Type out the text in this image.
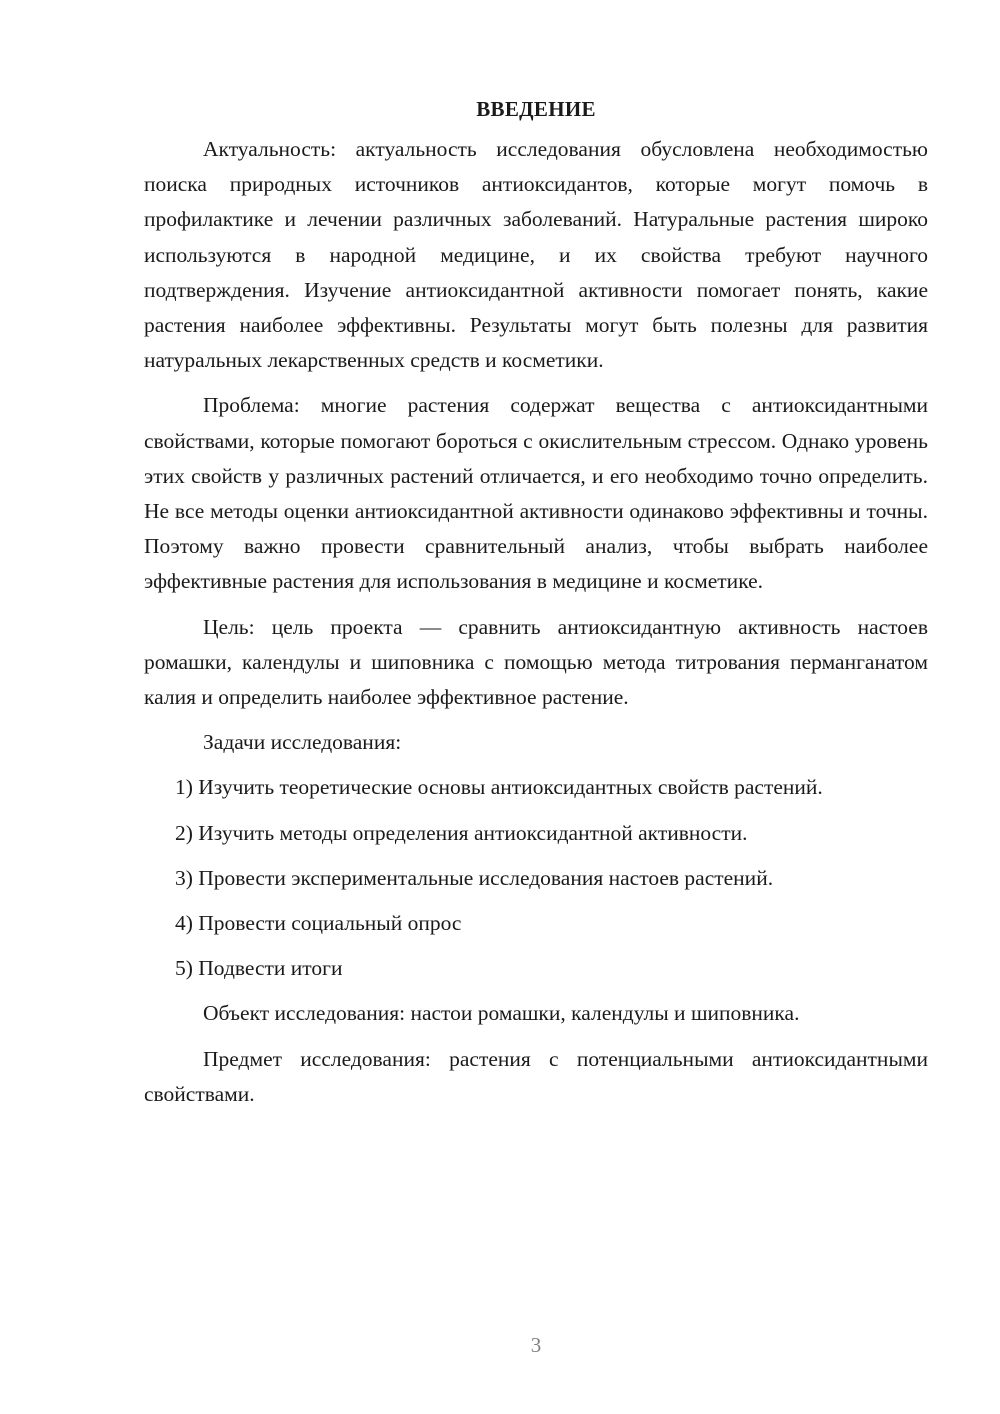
ВВЕДЕНИЕ

Актуальность: актуальность исследования обусловлена необходимостью поиска природных источников антиоксидантов, которые могут помочь в профилактике и лечении различных заболеваний. Натуральные растения широко используются в народной медицине, и их свойства требуют научного подтверждения. Изучение антиоксидантной активности помогает понять, какие растения наиболее эффективны. Результаты могут быть полезны для развития натуральных лекарственных средств и косметики.

Проблема: многие растения содержат вещества с антиоксидантными свойствами, которые помогают бороться с окислительным стрессом. Однако уровень этих свойств у различных растений отличается, и его необходимо точно определить. Не все методы оценки антиоксидантной активности одинаково эффективны и точны. Поэтому важно провести сравнительный анализ, чтобы выбрать наиболее эффективные растения для использования в медицине и косметике.

Цель: цель проекта — сравнить антиоксидантную активность настоев ромашки, календулы и шиповника с помощью метода титрования перманганатом калия и определить наиболее эффективное растение.

Задачи исследования:

1) Изучить теоретические основы антиоксидантных свойств растений.
2) Изучить методы определения антиоксидантной активности.
3) Провести экспериментальные исследования настоев растений.
4) Провести социальный опрос
5) Подвести итоги

Объект исследования: настои ромашки, календулы и шиповника.

Предмет исследования: растения с потенциальными антиоксидантными свойствами.

3
